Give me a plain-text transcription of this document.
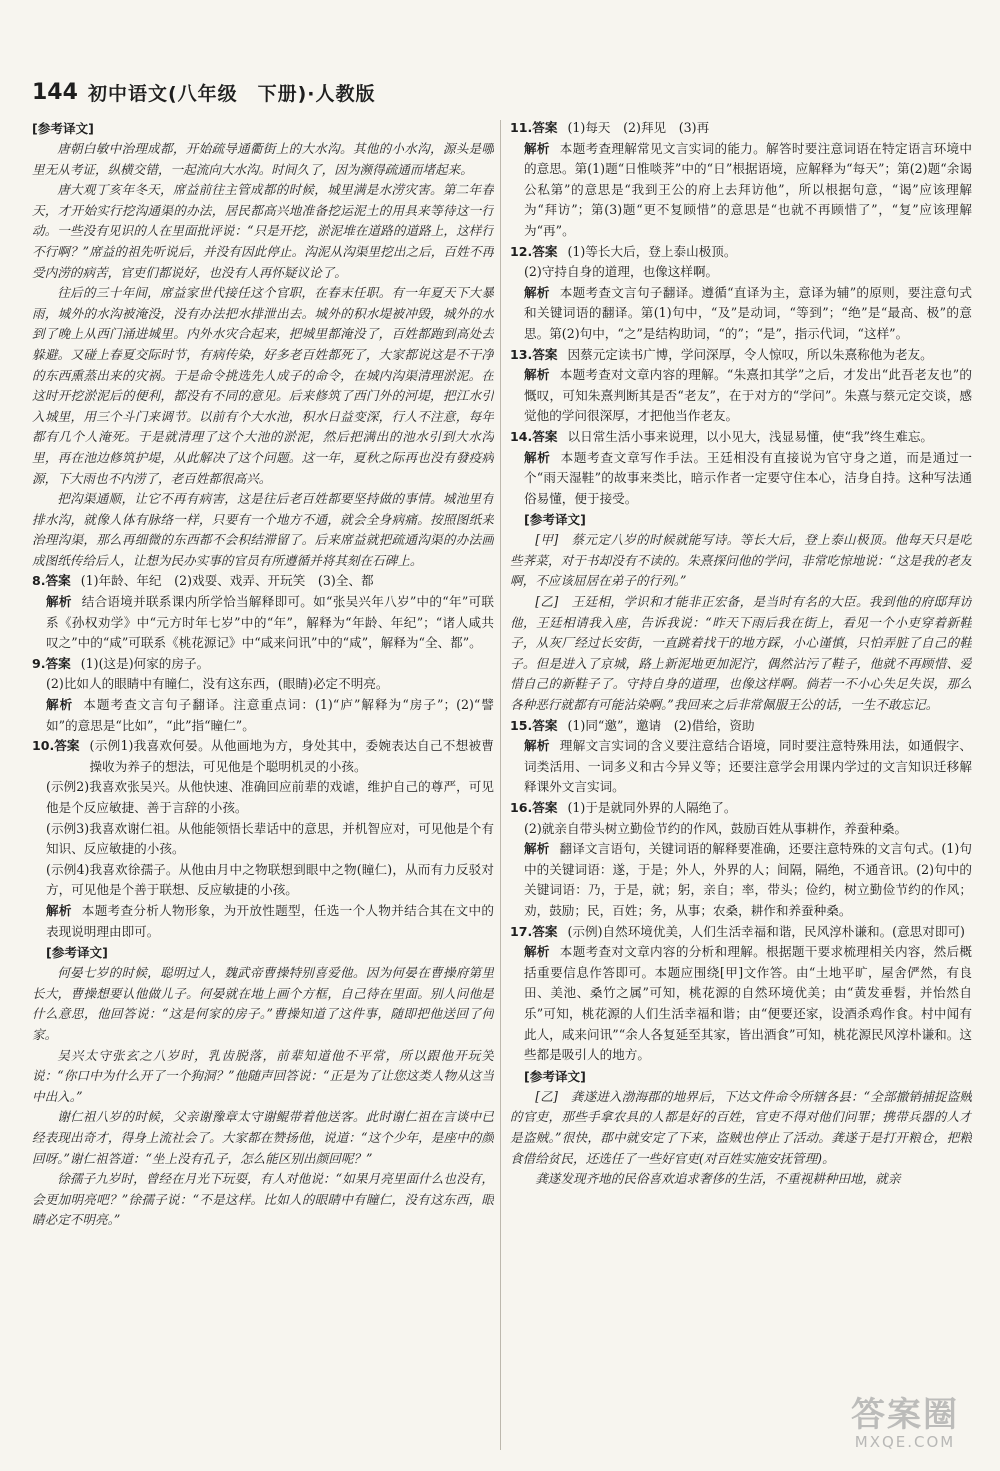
144 初中语文(八年级　下册)·人教版

[参考译文]

唐朝白敏中治理成都，开始疏导通衢街上的大水沟。其他的小水沟，源头是哪里无从考证，纵横交错，一起流向大水沟。时间久了，因为濒得疏通而堵起来。

唐大观丁亥年冬天，席益前往主管成都的时候，城里满是水涝灾害。第二年春天，才开始实行挖沟通渠的办法，居民都高兴地准备挖运泥土的用具来等待这一行动。一些没有见识的人在里面批评说：“只是开挖，淤泥堆在道路的道路上，这样行不行啊？”席益的祖先听说后，并没有因此停止。沟泥从沟渠里挖出之后，百姓不再受内涝的病苦，官吏们都说好，也没有人再怀疑议论了。

往后的三十年间，席益家世代接任这个官职，在春末任职。有一年夏天下大暴雨，城外的水沟被淹没，没有办法把水排泄出去。城外的积水堤被冲毁，城外的水到了晚上从西门涌进城里。内外水灾合起来，把城里都淹没了，百姓都跑到高处去躲避。又碰上春夏交际时节，有病传染，好多老百姓都死了，大家都说这是不干净的东西熏蒸出来的灾祸。于是命令挑选先人成子的命令，在城内沟渠清理淤泥。在这时开挖淤泥后的便利，都没有不同的意见。后来修筑了西门外的河堤，把江水引入城里，用三个斗门来调节。以前有个大水池，积水日益变深，行人不注意，每年都有几个人淹死。于是就清理了这个大池的淤泥，然后把满出的池水引到大水沟里，再在池边修筑护堤，从此解决了这个问题。这一年，夏秋之际再也没有發疫病源，下大雨也不内涝了，老百姓都很高兴。

把沟渠通顺，让它不再有病害，这是往后老百姓都要坚持做的事情。城池里有排水沟，就像人体有脉络一样，只要有一个地方不通，就会全身病痛。按照图纸来治理沟渠，那么再细微的东西都不会积结滞留了。后来席益就把疏通沟渠的办法画成图纸传给后人，让想为民办实事的官员有所遵循并将其刻在石碑上。

8.答案 (1)年龄、年纪　(2)戏耍、戏弄、开玩笑　(3)全、都

解析 结合语境并联系课内所学恰当解释即可。如“张吴兴年八岁”中的“年”可联系《孙权劝学》中“元方时年七岁”中的“年”，解释为“年龄、年纪”；“诸人咸共叹之”中的“咸”可联系《桃花源记》中“咸来问讯”中的“咸”，解释为“全、都”。

9.答案 (1)(这是)何家的房子。

(2)比如人的眼睛中有瞳仁，没有这东西，(眼睛)必定不明亮。

解析 本题考查文言句子翻译。注意重点词：(1)“庐”解释为“房子”；(2)“譬如”的意思是“比如”，“此”指“瞳仁”。

10.答案 (示例1)我喜欢何晏。从他画地为方，身处其中，委婉表达自己不想被曹操收为养子的想法，可见他是个聪明机灵的小孩。

(示例2)我喜欢张吴兴。从他快速、准确回应前辈的戏谑，维护自己的尊严，可见他是个反应敏捷、善于言辞的小孩。

(示例3)我喜欢谢仁祖。从他能领悟长辈话中的意思，并机智应对，可见他是个有知识、反应敏捷的小孩。

(示例4)我喜欢徐孺子。从他由月中之物联想到眼中之物(瞳仁)，从而有力反驳对方，可见他是个善于联想、反应敏捷的小孩。

解析 本题考查分析人物形象，为开放性题型，任选一个人物并结合其在文中的表现说明理由即可。

[参考译文]

何晏七岁的时候，聪明过人，魏武帝曹操特别喜爱他。因为何晏在曹操府第里长大，曹操想要认他做儿子。何晏就在地上画个方框，自己待在里面。别人问他是什么意思，他回答说：“这是何家的房子。”曹操知道了这件事，随即把他送回了何家。

吴兴太守张玄之八岁时，乳齿脱落，前辈知道他不平常，所以跟他开玩笑说：“你口中为什么开了一个狗洞？”他随声回答说：“正是为了让您这类人物从这当中出入。”

谢仁祖八岁的时候，父亲谢豫章太守谢鲲带着他送客。此时谢仁祖在言谈中已经表现出奇才，得身上流社会了。大家都在赞扬他，说道：“这个少年，是座中的颜回呀。”谢仁祖答道：“坐上没有孔子，怎么能区别出颜回呢？”

徐孺子九岁时，曾经在月光下玩耍，有人对他说：“如果月亮里面什么也没有，会更加明亮吧？”徐孺子说：“不是这样。比如人的眼睛中有瞳仁，没有这东西，眼睛必定不明亮。”

11.答案 (1)每天　(2)拜见　(3)再

解析 本题考查理解常见文言实词的能力。解答时要注意词语在特定语言环境中的意思。第(1)题“日惟啖荠”中的“日”根据语境，应解释为“每天”；第(2)题“余谒公私第”的意思是“我到王公的府上去拜访他”，所以根据句意，“谒”应该理解为“拜访”；第(3)题“更不复顾惜”的意思是“也就不再顾惜了”，“复”应该理解为“再”。

12.答案 (1)等长大后，登上泰山极顶。

(2)守持自身的道理，也像这样啊。

解析 本题考查文言句子翻译。遵循“直译为主，意译为辅”的原则，要注意句式和关键词语的翻译。第(1)句中，“及”是动词，“等到”；“绝”是“最高、极”的意思。第(2)句中，“之”是结构助词，“的”；“是”，指示代词，“这样”。

13.答案 因蔡元定读书广博，学问深厚，令人惊叹，所以朱熹称他为老友。

解析 本题考查对文章内容的理解。“朱熹扣其学”之后，才发出“此吾老友也”的慨叹，可知朱熹判断其是否“老友”，在于对方的“学问”。朱熹与蔡元定交谈，感觉他的学问很深厚，才把他当作老友。

14.答案 以日常生活小事来说理，以小见大，浅显易懂，使“我”终生难忘。

解析 本题考查文章写作手法。王廷相没有直接说为官守身之道，而是通过一个“雨天湿鞋”的故事来类比，暗示作者一定要守住本心，洁身自持。这种写法通俗易懂，便于接受。

[参考译文]

[甲]　蔡元定八岁的时候就能写诗。等长大后，登上泰山极顶。他每天只是吃些荠菜，对于书却没有不读的。朱熹探问他的学问，非常吃惊地说：“这是我的老友啊，不应该屈居在弟子的行列。”

[乙]　王廷相，学识和才能非正宏备，是当时有名的大臣。我到他的府邸拜访他，王廷相请我入座，告诉我说：“昨天下雨后我在街上，看见一个小吏穿着新鞋子，从灰厂经过长安街，一直跳着找干的地方踩，小心谨慎，只怕弄脏了自己的鞋子。但是进入了京城，路上新泥地更加泥泞，偶然沾污了鞋子，他就不再顾惜、爱惜自己的新鞋子了。守持自身的道理，也像这样啊。倘若一不小心失足失误，那么各种恶行就都有可能沾染啊。”我回来之后非常佩服王公的话，一生不敢忘记。

15.答案 (1)同“邀”，邀请　(2)借给，资助

解析 理解文言实词的含义要注意结合语境，同时要注意特殊用法，如通假字、词类活用、一词多义和古今异义等；还要注意学会用课内学过的文言知识迁移解释课外文言实词。

16.答案 (1)于是就同外界的人隔绝了。

(2)就亲自带头树立勤俭节约的作风，鼓励百姓从事耕作，养蚕种桑。

解析 翻译文言语句，关键词语的解释要准确，还要注意特殊的文言句式。(1)句中的关键词语：遂，于是；外人，外界的人；间隔，隔绝，不通音讯。(2)句中的关键词语：乃，于是，就；躬，亲自；率，带头；俭约，树立勤俭节约的作风；劝，鼓励；民，百姓；务，从事；农桑，耕作和养蚕种桑。

17.答案 (示例)自然环境优美，人们生活幸福和谐，民风淳朴谦和。(意思对即可)

解析 本题考查对文章内容的分析和理解。根据题干要求梳理相关内容，然后概括重要信息作答即可。本题应围绕[甲]文作答。由“土地平旷，屋舍俨然，有良田、美池、桑竹之属”可知，桃花源的自然环境优美；由“黄发垂髫，并怡然自乐”可知，桃花源的人们生活幸福和谐；由“便要还家，设酒杀鸡作食。村中闻有此人，咸来问讯”“余人各复延至其家，皆出酒食”可知，桃花源民风淳朴谦和。这些都是吸引人的地方。

[参考译文]

[乙]　龚遂进入渤海郡的地界后，下达文件命令所辖各县：“全部撤销捕捉盗贼的官吏，那些手拿农具的人都是好的百姓，官吏不得对他们问罪；携带兵器的人才是盗贼。”很快，郡中就安定了下来，盗贼也停止了活动。龚遂于是打开粮仓，把粮食借给贫民，还选任了一些好官吏(对百姓实施安抚管理)。

龚遂发现齐地的民俗喜欢追求奢侈的生活，不重视耕种田地，就亲

答案圈
MXQE.COM
